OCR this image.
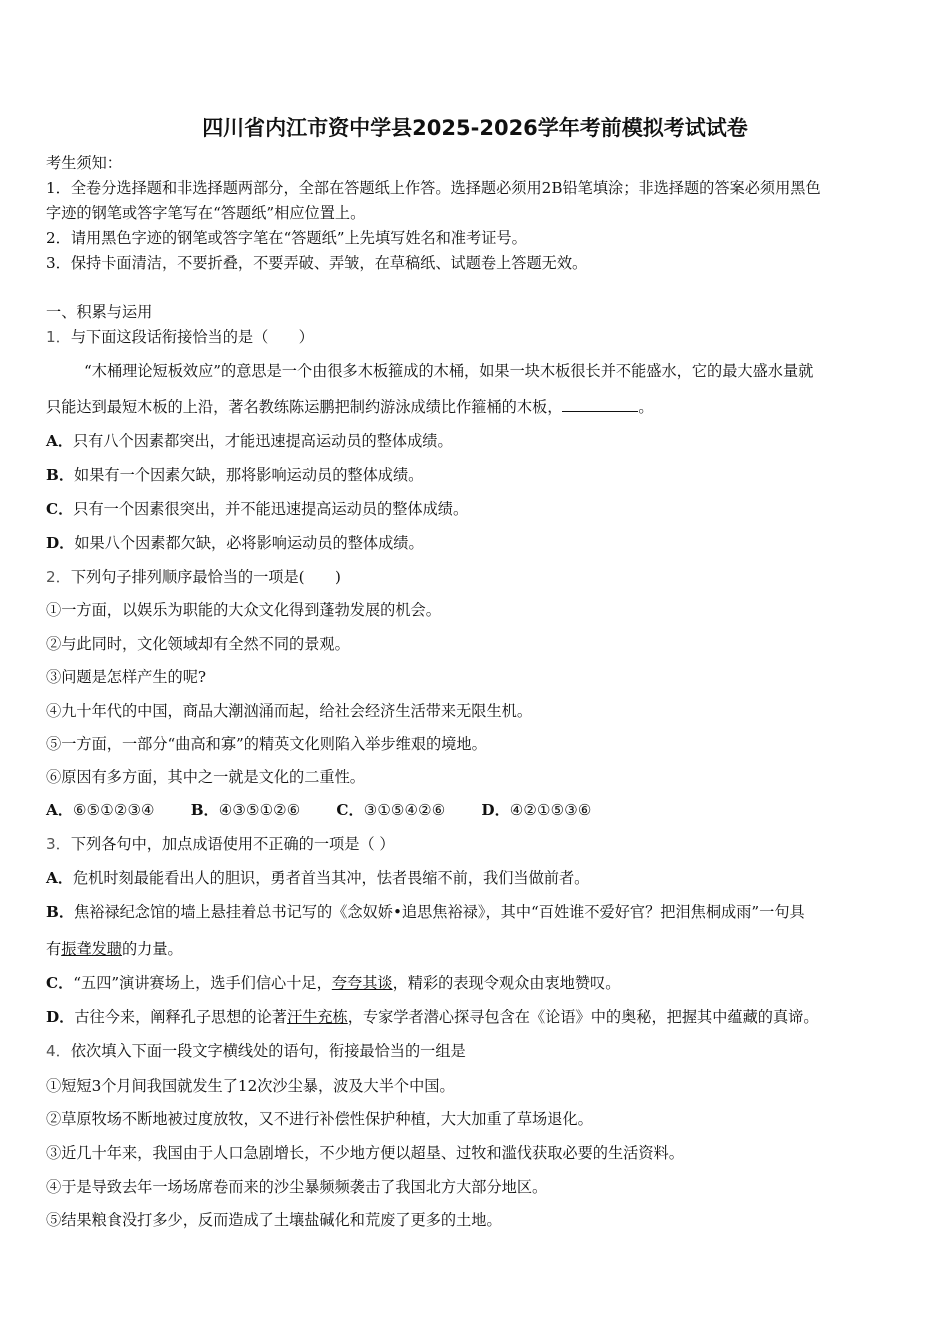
四川省内江市资中学县2025-2026学年考前模拟考试试卷
考生须知：
1．全卷分选择题和非选择题两部分，全部在答题纸上作答。选择题必须用2B铅笔填涂；非选择题的答案必须用黑色
字迹的钢笔或答字笔写在“答题纸”相应位置上。
2．请用黑色字迹的钢笔或答字笔在“答题纸”上先填写姓名和准考证号。
3．保持卡面清洁，不要折叠，不要弄破、弄皱，在草稿纸、试题卷上答题无效。
一、积累与运用
1．与下面这段话衔接恰当的是（　　）
“木桶理论短板效应”的意思是一个由很多木板箍成的木桶，如果一块木板很长并不能盛水，它的最大盛水量就
只能达到最短木板的上沿，著名教练陈运鹏把制约游泳成绩比作箍桶的木板，	。
A．只有八个因素都突出，才能迅速提高运动员的整体成绩。
B．如果有一个因素欠缺，那将影响运动员的整体成绩。
C．只有一个因素很突出，并不能迅速提高运动员的整体成绩。
D．如果八个因素都欠缺，必将影响运动员的整体成绩。
2．下列句子排列顺序最恰当的一项是(　　)
①一方面，以娱乐为职能的大众文化得到蓬勃发展的机会。
②与此同时，文化领域却有全然不同的景观。
③问题是怎样产生的呢?
④九十年代的中国，商品大潮汹涌而起，给社会经济生活带来无限生机。
⑤一方面，一部分“曲高和寡”的精英文化则陷入举步维艰的境地。
⑥原因有多方面，其中之一就是文化的二重性。
A．⑥⑤①②③④ B．④③⑤①②⑥ C．③①⑤④②⑥ D．④②①⑤③⑥
3．下列各句中，加点成语使用不正确的一项是（ ）
A．危机时刻最能看出人的胆识，勇者首当其冲，怯者畏缩不前，我们当做前者。
B．焦裕禄纪念馆的墙上悬挂着总书记写的《念奴娇•追思焦裕禄》，其中“百姓谁不爱好官？把泪焦桐成雨”一句具
有振聋发聩的力量。
C．“五四”演讲赛场上，选手们信心十足，夸夸其谈，精彩的表现令观众由衷地赞叹。
D．古往今来，阐释孔子思想的论著汗牛充栋，专家学者潜心探寻包含在《论语》中的奥秘，把握其中蕴藏的真谛。
4．依次填入下面一段文字横线处的语句，衔接最恰当的一组是
①短短3个月间我国就发生了12次沙尘暴，波及大半个中国。
②草原牧场不断地被过度放牧，又不进行补偿性保护种植，大大加重了草场退化。
③近几十年来，我国由于人口急剧增长，不少地方便以超垦、过牧和滥伐获取必要的生活资料。
④于是导致去年一场场席卷而来的沙尘暴频频袭击了我国北方大部分地区。
⑤结果粮食没打多少，反而造成了土壤盐碱化和荒废了更多的土地。
